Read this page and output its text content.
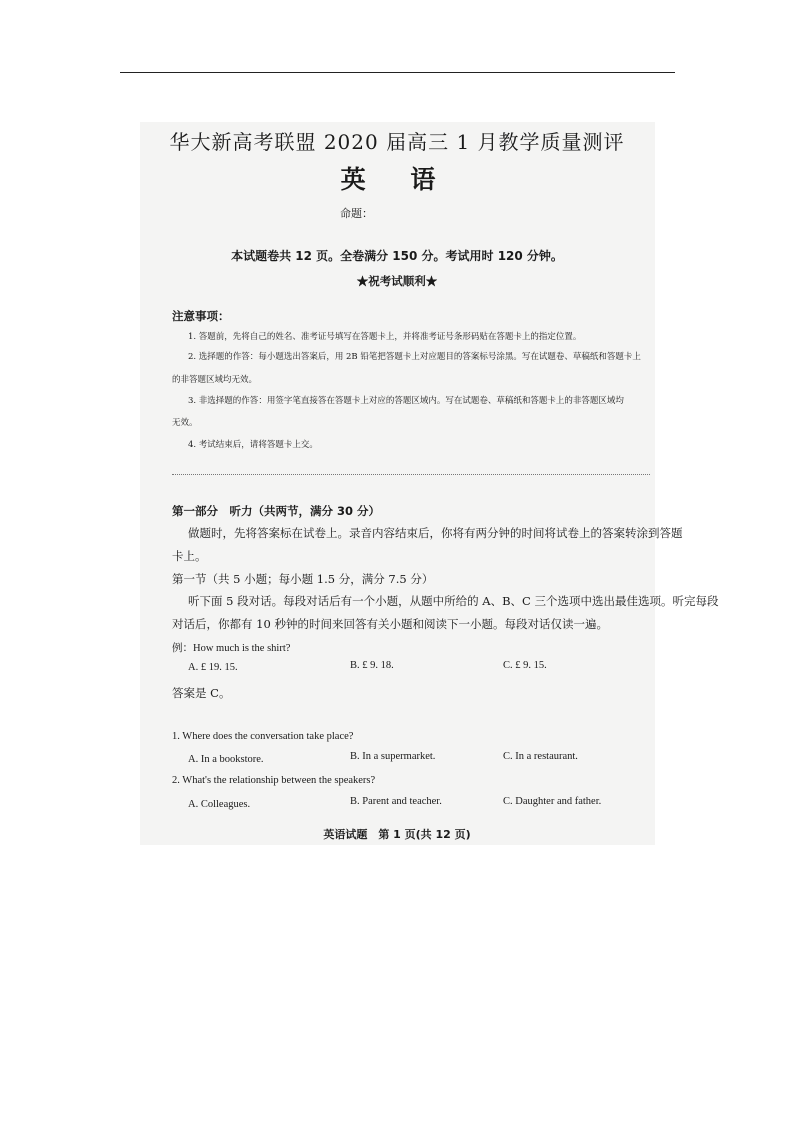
华大新高考联盟 2020 届高三 1 月教学质量测评
英 语
命题：
本试题卷共 12 页。全卷满分 150 分。考试用时 120 分钟。
★祝考试顺利★
注意事项：
1. 答题前，先将自己的姓名、准考证号填写在答题卡上，并将准考证号条形码贴在答题卡上的指定位置。
2. 选择题的作答：每小题选出答案后，用 2B 铅笔把答题卡上对应题目的答案标号涂黑。写在试题卷、草稿纸和答题卡上
的非答题区域均无效。
3. 非选择题的作答：用签字笔直接答在答题卡上对应的答题区域内。写在试题卷、草稿纸和答题卡上的非答题区域均
无效。
4. 考试结束后，请将答题卡上交。
第一部分　听力（共两节，满分 30 分）
做题时，先将答案标在试卷上。录音内容结束后，你将有两分钟的时间将试卷上的答案转涂到答题
卡上。
第一节（共 5 小题；每小题 1.5 分，满分 7.5 分）
听下面 5 段对话。每段对话后有一个小题，从题中所给的 A、B、C 三个选项中选出最佳选项。听完每段
对话后，你都有 10 秒钟的时间来回答有关小题和阅读下一小题。每段对话仅读一遍。
例：How much is the shirt?
A. £ 19. 15.	B. £ 9. 18.	C. £ 9. 15.
答案是 C。
1. Where does the conversation take place?
A. In a bookstore.	B. In a supermarket.	C. In a restaurant.
2. What's the relationship between the speakers?
A. Colleagues.	B. Parent and teacher.	C. Daughter and father.
英语试题　第 1 页(共 12 页)
